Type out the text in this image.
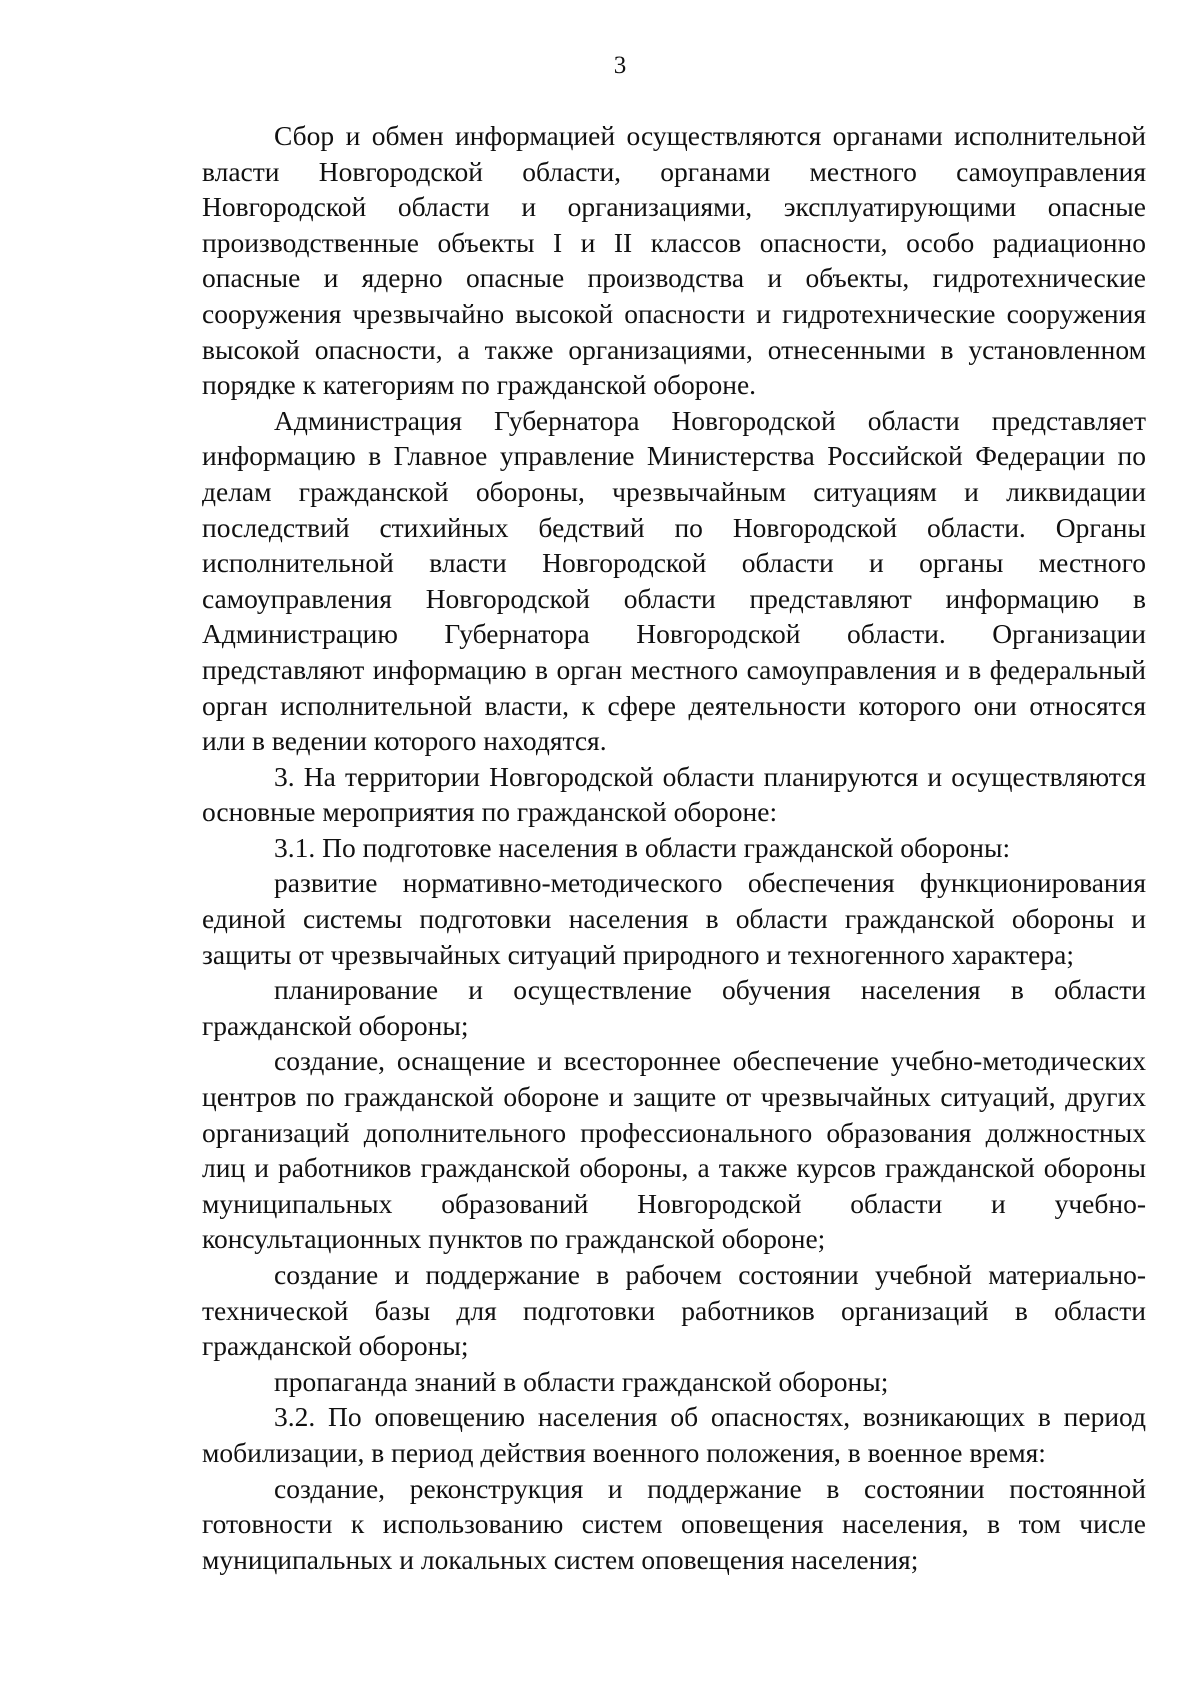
3

Сбор и обмен информацией осуществляются органами исполнительной власти Новгородской области, органами местного самоуправления Новгородской области и организациями, эксплуатирующими опасные производственные объекты I и II классов опасности, особо радиационно опасные и ядерно опасные производства и объекты, гидротехнические сооружения чрезвычайно высокой опасности и гидротехнические сооружения высокой опасности, а также организациями, отнесенными в установленном порядке к категориям по гражданской обороне.

Администрация Губернатора Новгородской области представляет информацию в Главное управление Министерства Российской Федерации по делам гражданской обороны, чрезвычайным ситуациям и ликвидации последствий стихийных бедствий по Новгородской области. Органы исполнительной власти Новгородской области и органы местного самоуправления Новгородской области представляют информацию в Администрацию Губернатора Новгородской области. Организации представляют информацию в орган местного самоуправления и в федеральный орган исполнительной власти, к сфере деятельности которого они относятся или в ведении которого находятся.

3. На территории Новгородской области планируются и осуществляются основные мероприятия по гражданской обороне:

3.1. По подготовке населения в области гражданской обороны:

развитие нормативно-методического обеспечения функционирования единой системы подготовки населения в области гражданской обороны и защиты от чрезвычайных ситуаций природного и техногенного характера;

планирование и осуществление обучения населения в области гражданской обороны;

создание, оснащение и всестороннее обеспечение учебно-методических центров по гражданской обороне и защите от чрезвычайных ситуаций, других организаций дополнительного профессионального образования должностных лиц и работников гражданской обороны, а также курсов гражданской обороны муниципальных образований Новгородской области и учебно-консультационных пунктов по гражданской обороне;

создание и поддержание в рабочем состоянии учебной материально-технической базы для подготовки работников организаций в области гражданской обороны;

пропаганда знаний в области гражданской обороны;

3.2. По оповещению населения об опасностях, возникающих в период мобилизации, в период действия военного положения, в военное время:

создание, реконструкция и поддержание в состоянии постоянной готовности к использованию систем оповещения населения, в том числе муниципальных и локальных систем оповещения населения;
